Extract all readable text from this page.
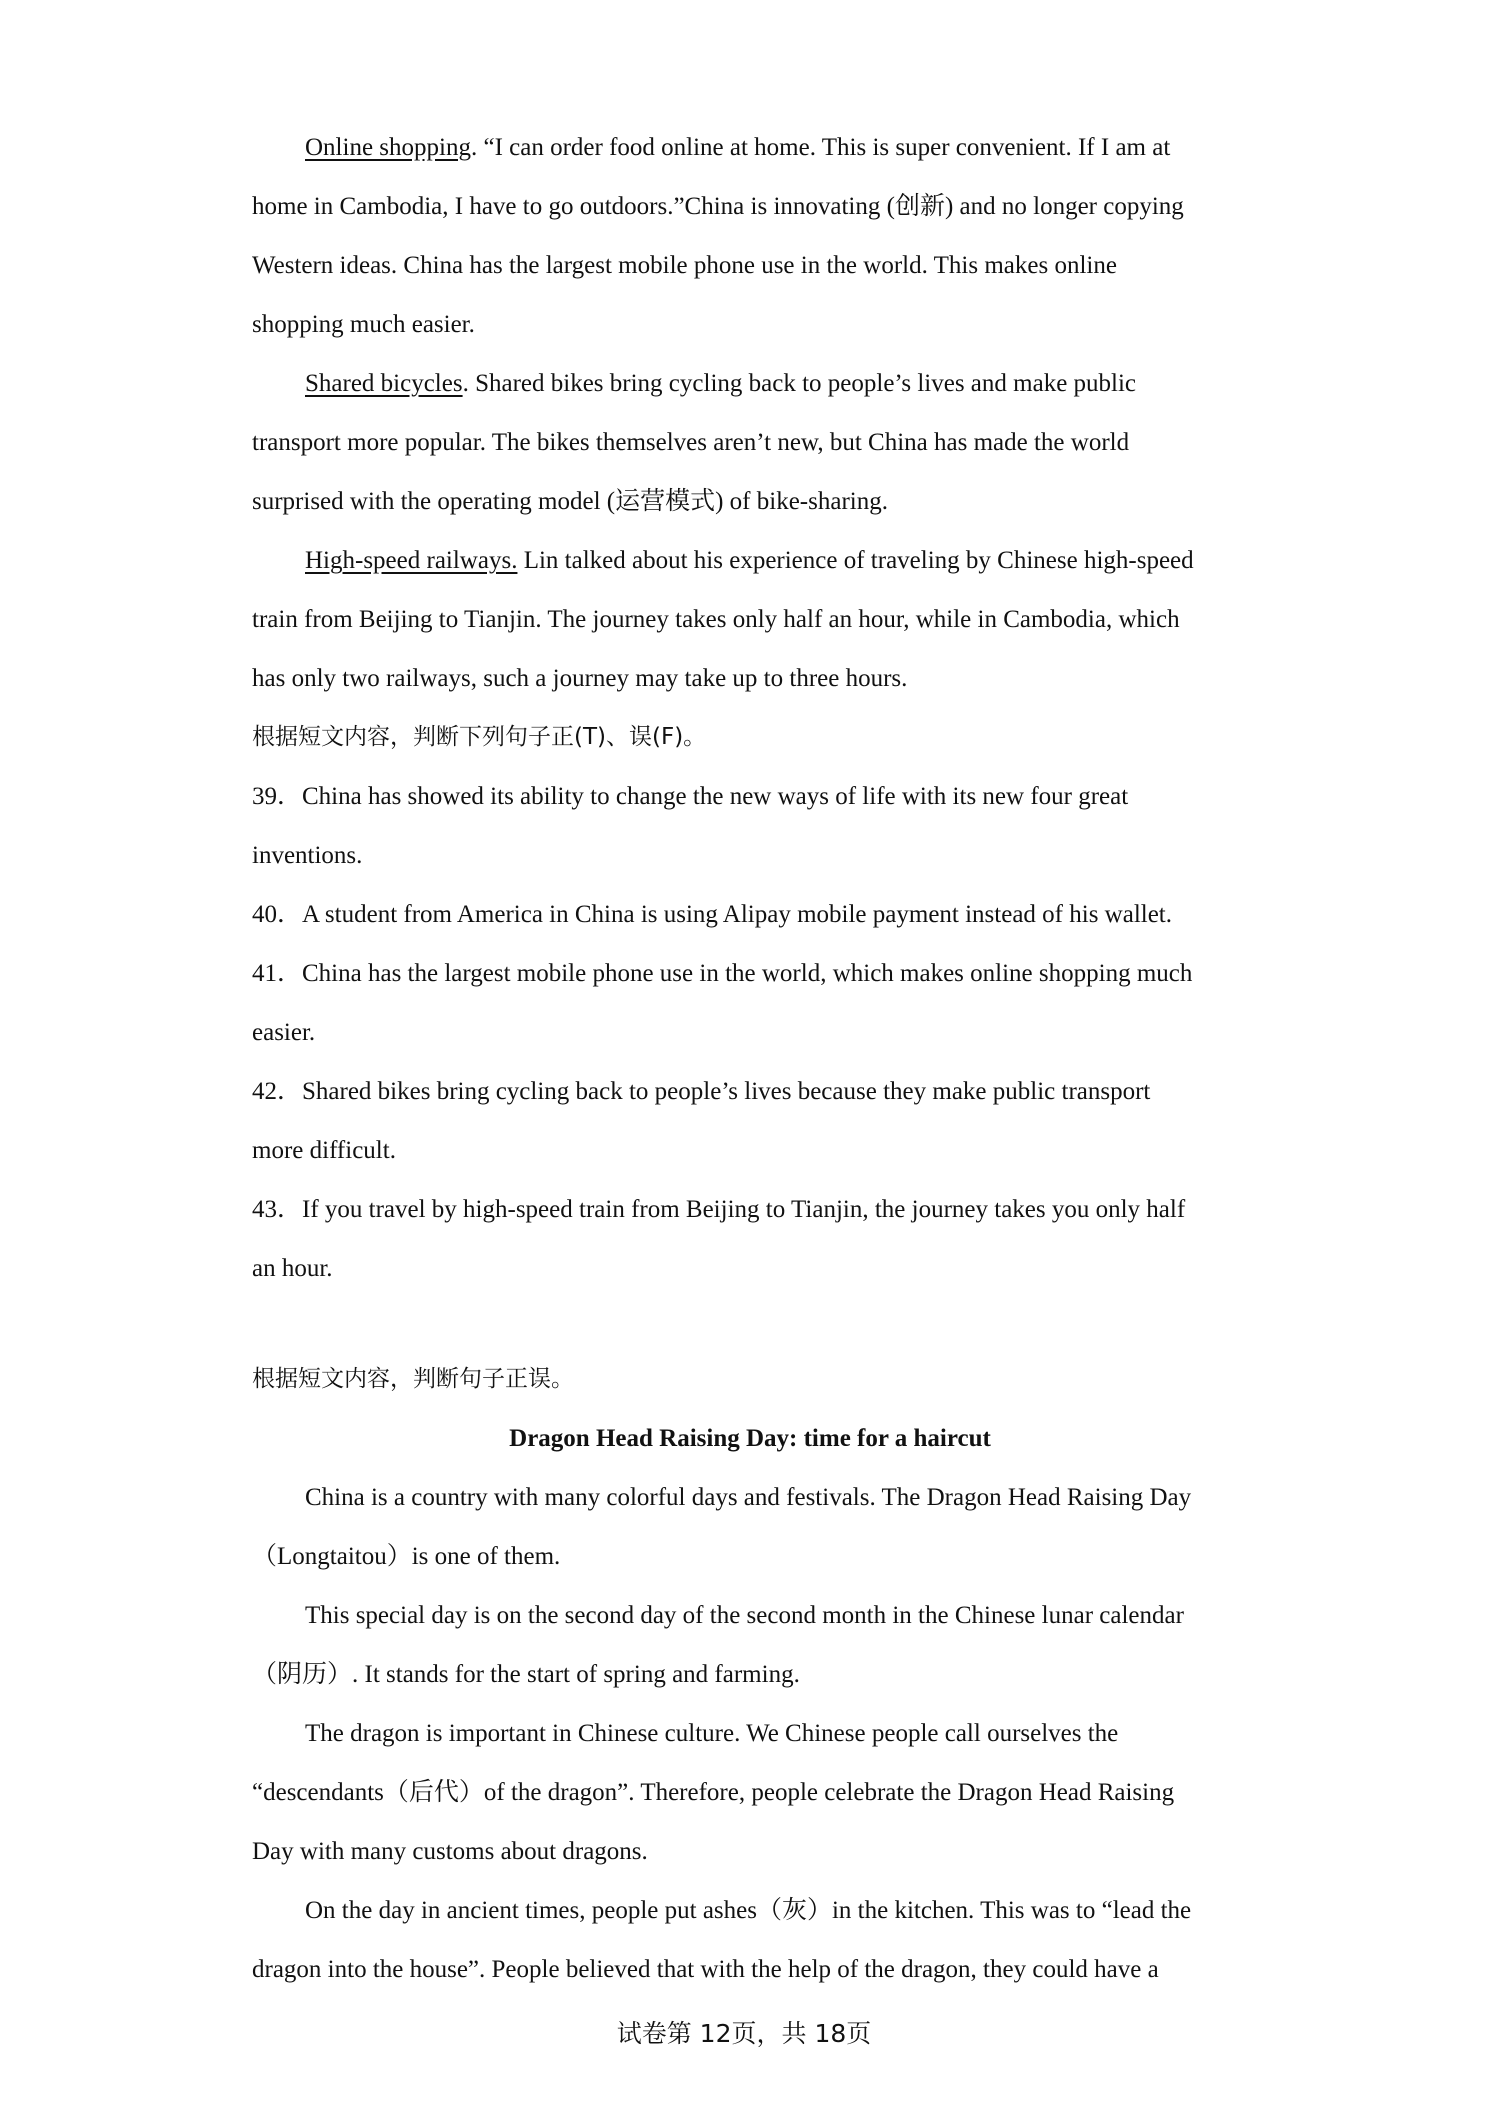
Online shopping. “I can order food online at home. This is super convenient. If I am at

home in Cambodia, I have to go outdoors.”China is innovating (创新) and no longer copying

Western ideas. China has the largest mobile phone use in the world. This makes online

shopping much easier.

Shared bicycles. Shared bikes bring cycling back to people’s lives and make public

transport more popular. The bikes themselves aren’t new, but China has made the world

surprised with the operating model (运营模式) of bike-sharing.

High-speed railways. Lin talked about his experience of traveling by Chinese high-speed

train from Beijing to Tianjin. The journey takes only half an hour, while in Cambodia, which

has only two railways, such a journey may take up to three hours.

根据短文内容，判断下列句子正(T)、误(F)。

39．China has showed its ability to change the new ways of life with its new four great

inventions.

40．A student from America in China is using Alipay mobile payment instead of his wallet.

41．China has the largest mobile phone use in the world, which makes online shopping much

easier.

42．Shared bikes bring cycling back to people’s lives because they make public transport

more difficult.

43．If you travel by high-speed train from Beijing to Tianjin, the journey takes you only half

an hour.

根据短文内容，判断句子正误。

Dragon Head Raising Day: time for a haircut

China is a country with many colorful days and festivals. The Dragon Head Raising Day

（Longtaitou）is one of them.

This special day is on the second day of the second month in the Chinese lunar calendar

（阴历）. It stands for the start of spring and farming.

The dragon is important in Chinese culture. We Chinese people call ourselves the

“descendants（后代）of the dragon”. Therefore, people celebrate the Dragon Head Raising

Day with many customs about dragons.

On the day in ancient times, people put ashes（灰）in the kitchen. This was to “lead the

dragon into the house”. People believed that with the help of the dragon, they could have a

试卷第 12页，共 18页
